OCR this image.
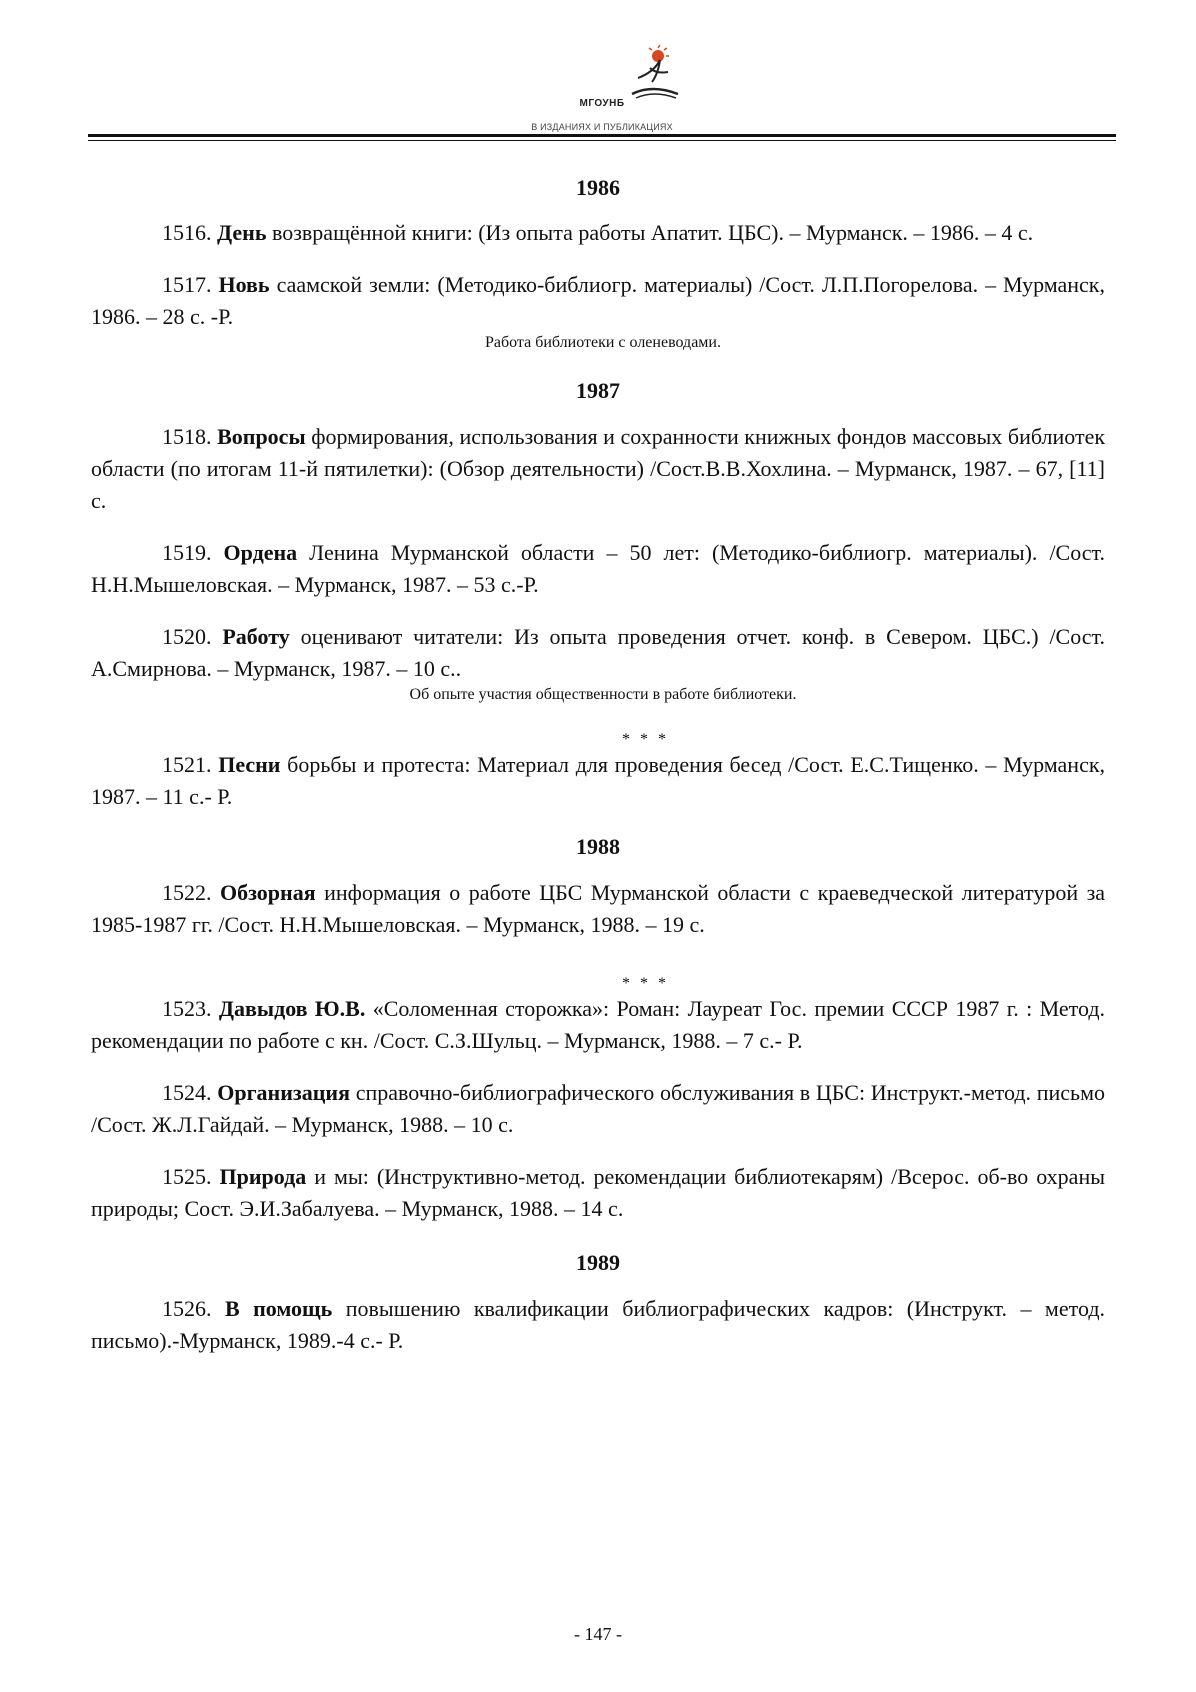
МГОУНБ
В ИЗДАНИЯХ И ПУБЛИКАЦИЯХ

1986

1516. День возвращённой книги: (Из опыта работы Апатит. ЦБС). – Мурманск. – 1986. – 4 с.

1517. Новь саамской земли: (Методико-библиогр. материалы) /Сост. Л.П.Погорелова. – Мурманск, 1986. – 28 с. -Р.

Работа библиотеки с оленеводами.

1987

1518. Вопросы формирования, использования и сохранности книжных фондов массовых библиотек области (по итогам 11-й пятилетки): (Обзор деятельности) /Сост.В.В.Хохлина. – Мурманск, 1987. – 67, [11] с.

1519. Ордена Ленина Мурманской области – 50 лет: (Методико-библиогр. материалы). /Сост. Н.Н.Мышеловская. – Мурманск, 1987. – 53 с.-Р.

1520. Работу оценивают читатели: Из опыта проведения отчет. конф. в Севером. ЦБС.) /Сост. А.Смирнова. – Мурманск, 1987. – 10 с..

Об опыте участия общественности в работе библиотеки.

* * *

1521. Песни борьбы и протеста: Материал для проведения бесед /Сост. Е.С.Тищенко. – Мурманск, 1987. – 11 с.- Р.

1988

1522. Обзорная информация о работе ЦБС Мурманской области с краеведческой литературой за 1985-1987 гг. /Сост. Н.Н.Мышеловская. – Мурманск, 1988. – 19 с.

* * *

1523. Давыдов Ю.В. «Соломенная сторожка»: Роман: Лауреат Гос. премии СССР 1987 г. : Метод. рекомендации по работе с кн. /Сост. С.З.Шульц. – Мурманск, 1988. – 7 с.- Р.

1524. Организация справочно-библиографического обслуживания в ЦБС: Инструкт.-метод. письмо /Сост. Ж.Л.Гайдай. – Мурманск, 1988. – 10 с.

1525. Природа и мы: (Инструктивно-метод. рекомендации библиотекарям) /Всерос. об-во охраны природы; Сост. Э.И.Забалуева. – Мурманск, 1988. – 14 с.

1989

1526. В помощь повышению квалификации библиографических кадров: (Инструкт. – метод. письмо).-Мурманск, 1989.-4 с.- Р.

- 147 -
